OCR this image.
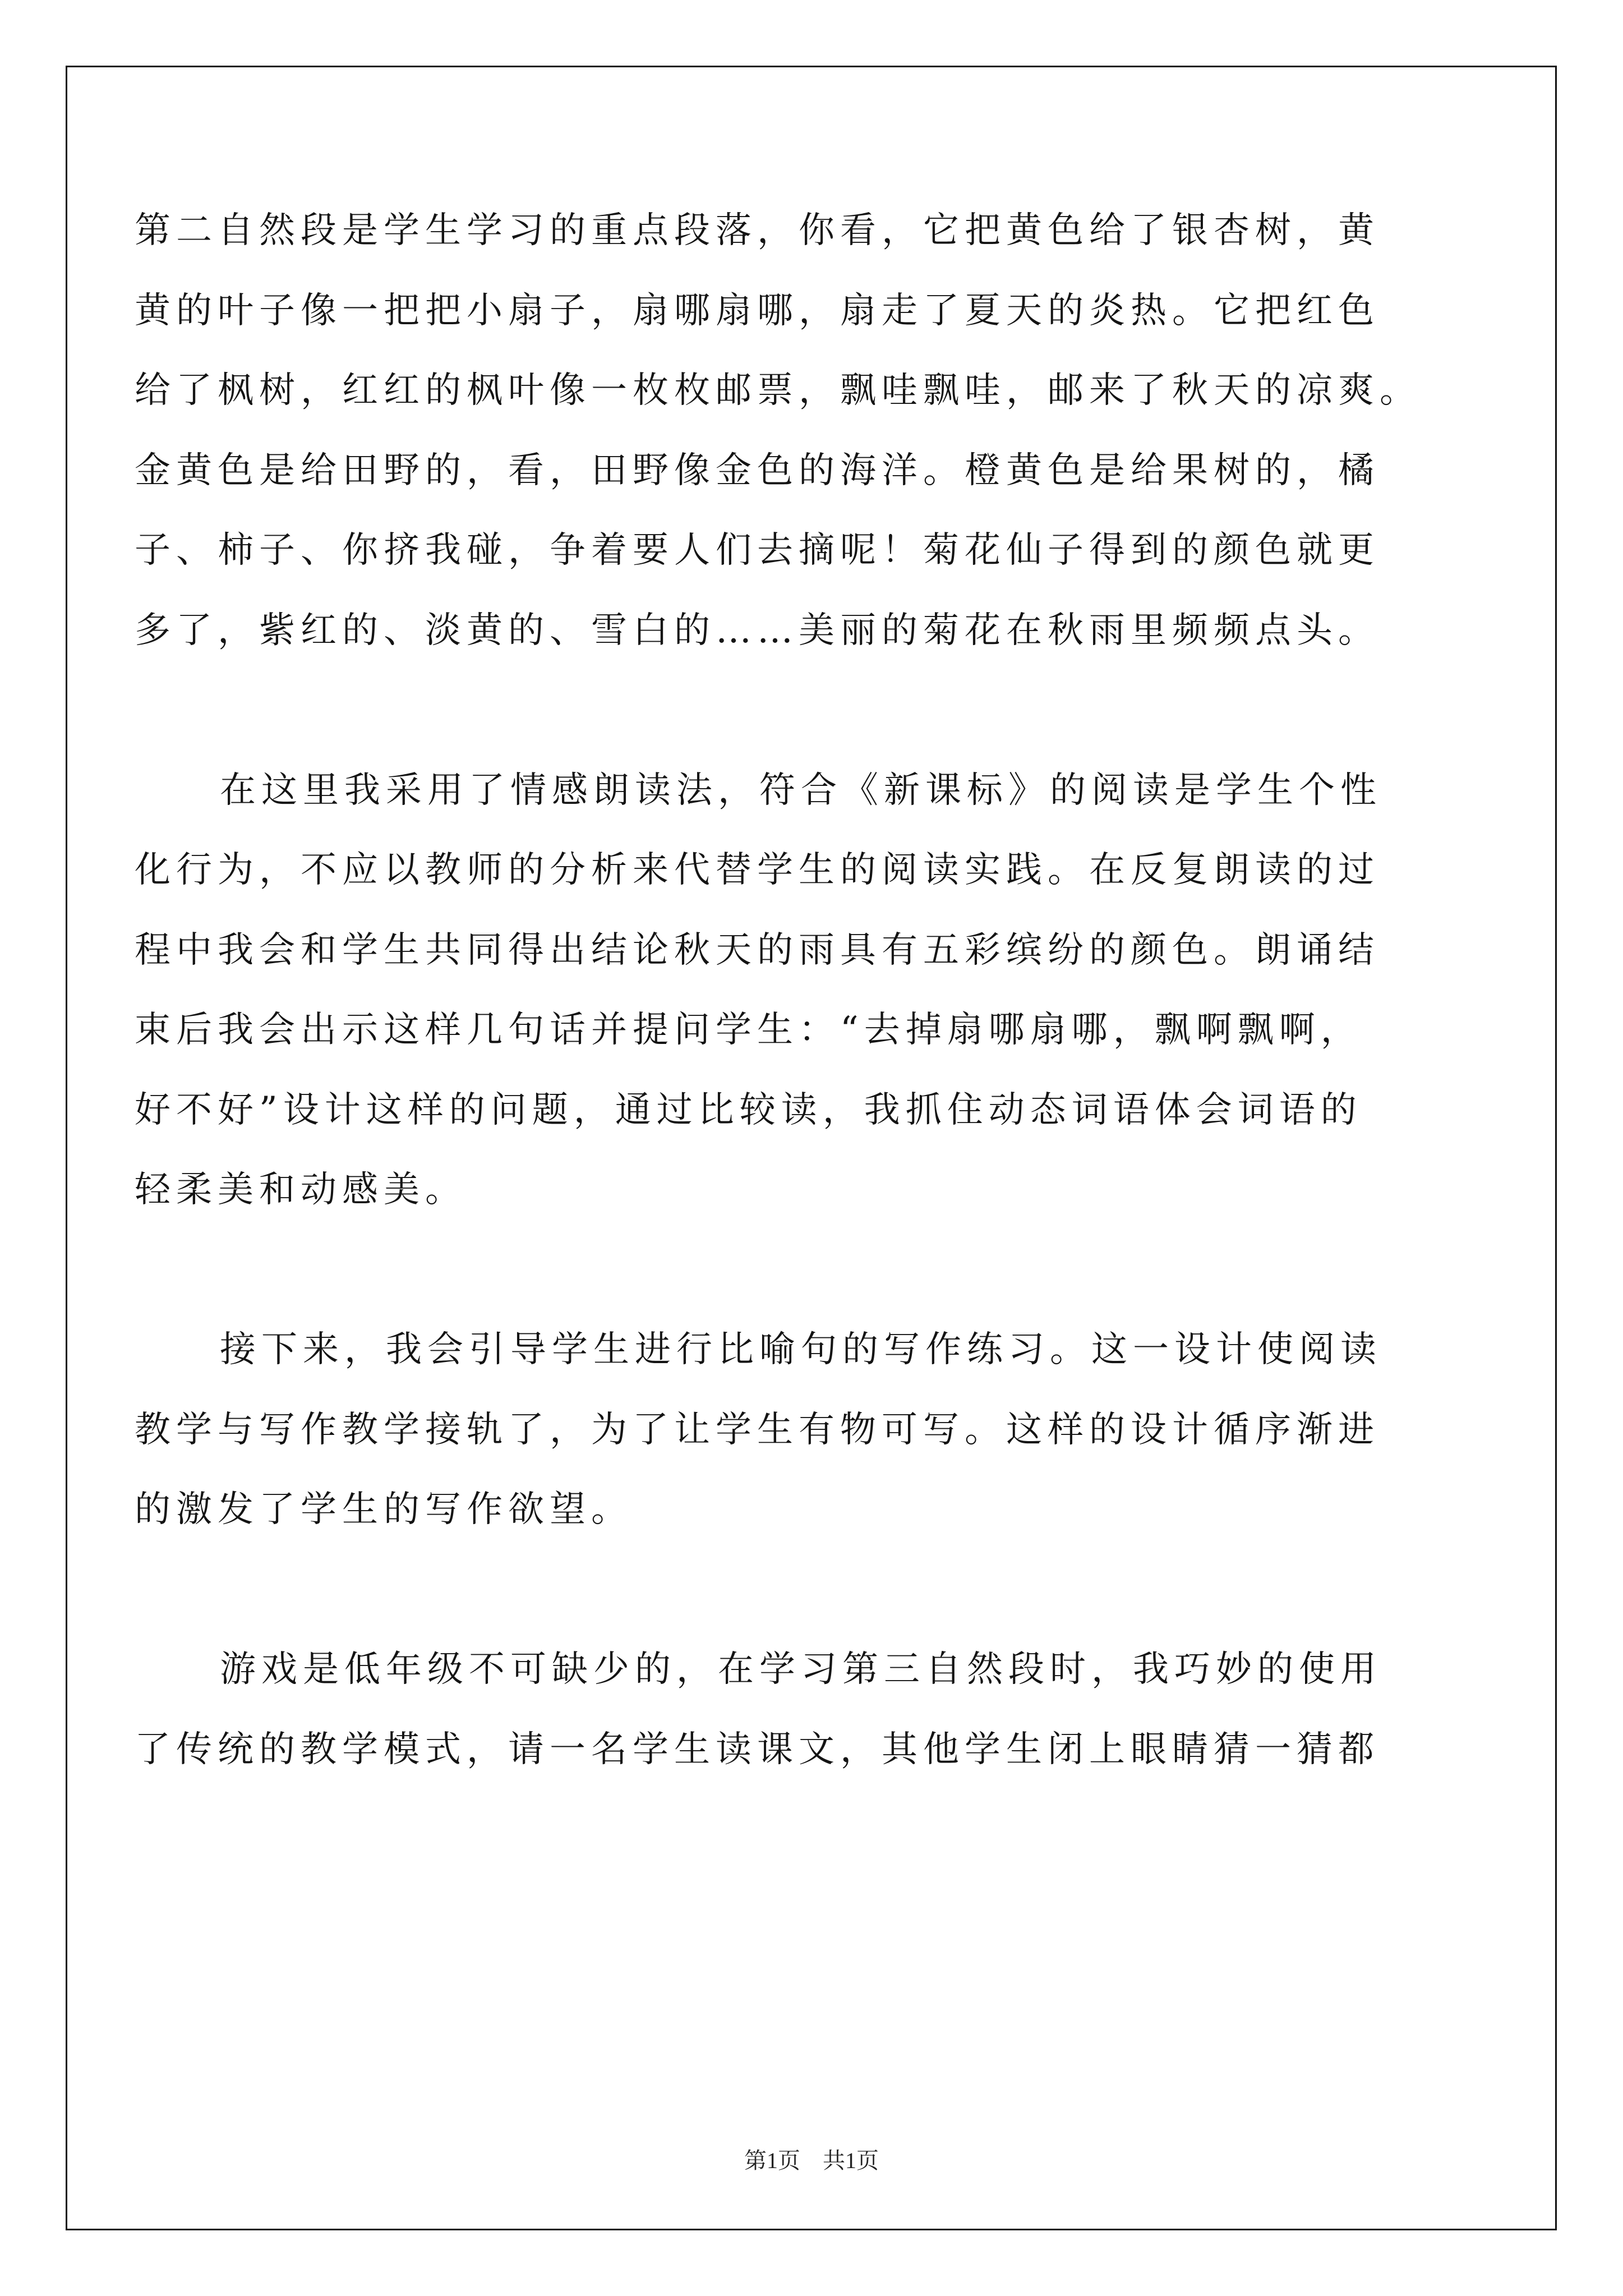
第二自然段是学生学习的重点段落，你看，它把黄色给了银杏树，黄
黄的叶子像一把把小扇子，扇哪扇哪，扇走了夏天的炎热。它把红色
给了枫树，红红的枫叶像一枚枚邮票，飘哇飘哇，邮来了秋天的凉爽。
金黄色是给田野的，看，田野像金色的海洋。橙黄色是给果树的，橘
子、柿子、你挤我碰，争着要人们去摘呢！菊花仙子得到的颜色就更
多了，紫红的、淡黄的、雪白的……美丽的菊花在秋雨里频频点头。
在这里我采用了情感朗读法，符合《新课标》的阅读是学生个性
化行为，不应以教师的分析来代替学生的阅读实践。在反复朗读的过
程中我会和学生共同得出结论秋天的雨具有五彩缤纷的颜色。朗诵结
束后我会出示这样几句话并提问学生：“去掉扇哪扇哪，飘啊飘啊，
好不好”设计这样的问题，通过比较读，我抓住动态词语体会词语的
轻柔美和动感美。
接下来，我会引导学生进行比喻句的写作练习。这一设计使阅读
教学与写作教学接轨了，为了让学生有物可写。这样的设计循序渐进
的激发了学生的写作欲望。
游戏是低年级不可缺少的，在学习第三自然段时，我巧妙的使用
了传统的教学模式，请一名学生读课文，其他学生闭上眼睛猜一猜都
第1页　共1页
